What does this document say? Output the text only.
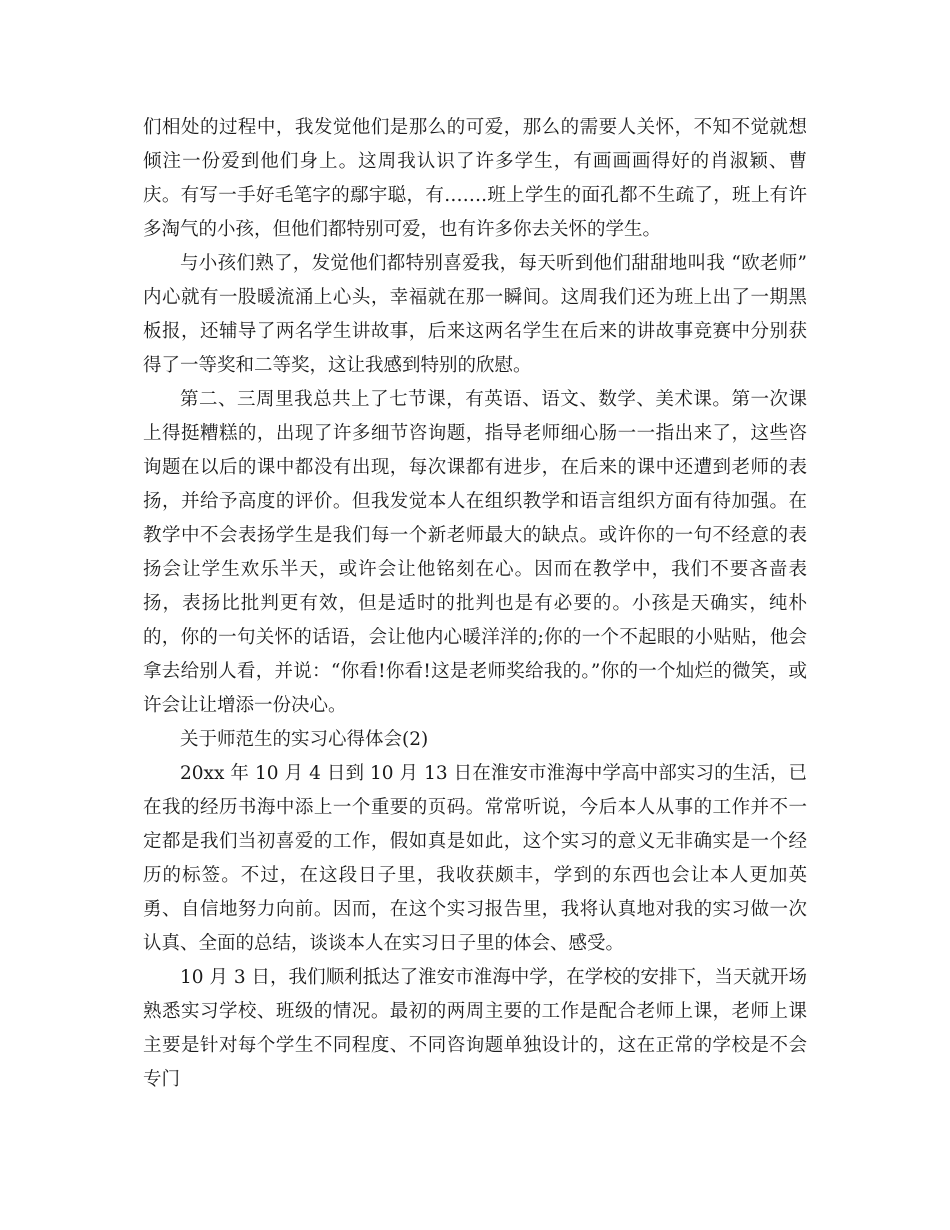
们相处的过程中，我发觉他们是那么的可爱，那么的需要人关怀，不知不觉就想倾注一份爱到他们身上。这周我认识了许多学生，有画画画得好的肖淑颖、曹庆。有写一手好毛笔字的鄢宇聪，有…….班上学生的面孔都不生疏了，班上有许多淘气的小孩，但他们都特别可爱，也有许多你去关怀的学生。

与小孩们熟了，发觉他们都特别喜爱我，每天听到他们甜甜地叫我 “欧老师” 内心就有一股暖流涌上心头，幸福就在那一瞬间。这周我们还为班上出了一期黑板报，还辅导了两名学生讲故事，后来这两名学生在后来的讲故事竞赛中分别获得了一等奖和二等奖，这让我感到特别的欣慰。

第二、三周里我总共上了七节课，有英语、语文、数学、美术课。第一次课上得挺糟糕的，出现了许多细节咨询题，指导老师细心肠一一指出来了，这些咨询题在以后的课中都没有出现，每次课都有进步，在后来的课中还遭到老师的表扬，并给予高度的评价。但我发觉本人在组织教学和语言组织方面有待加强。在教学中不会表扬学生是我们每一个新老师最大的缺点。或许你的一句不经意的表扬会让学生欢乐半天，或许会让他铭刻在心。因而在教学中，我们不要吝啬表扬，表扬比批判更有效，但是适时的批判也是有必要的。小孩是天确实，纯朴的，你的一句关怀的话语，会让他内心暖洋洋的;你的一个不起眼的小贴贴，他会拿去给别人看，并说：“你看!你看!这是老师奖给我的。”你的一个灿烂的微笑，或许会让让增添一份决心。

关于师范生的实习心得体会(2)

20xx 年 10 月 4 日到 10 月 13 日在淮安市淮海中学高中部实习的生活，已在我的经历书海中添上一个重要的页码。常常听说，今后本人从事的工作并不一定都是我们当初喜爱的工作，假如真是如此，这个实习的意义无非确实是一个经历的标签。不过，在这段日子里，我收获颇丰，学到的东西也会让本人更加英勇、自信地努力向前。因而，在这个实习报告里，我将认真地对我的实习做一次认真、全面的总结，谈谈本人在实习日子里的体会、感受。

10 月 3 日，我们顺利抵达了淮安市淮海中学，在学校的安排下，当天就开场熟悉实习学校、班级的情况。最初的两周主要的工作是配合老师上课，老师上课主要是针对每个学生不同程度、不同咨询题单独设计的，这在正常的学校是不会专门
